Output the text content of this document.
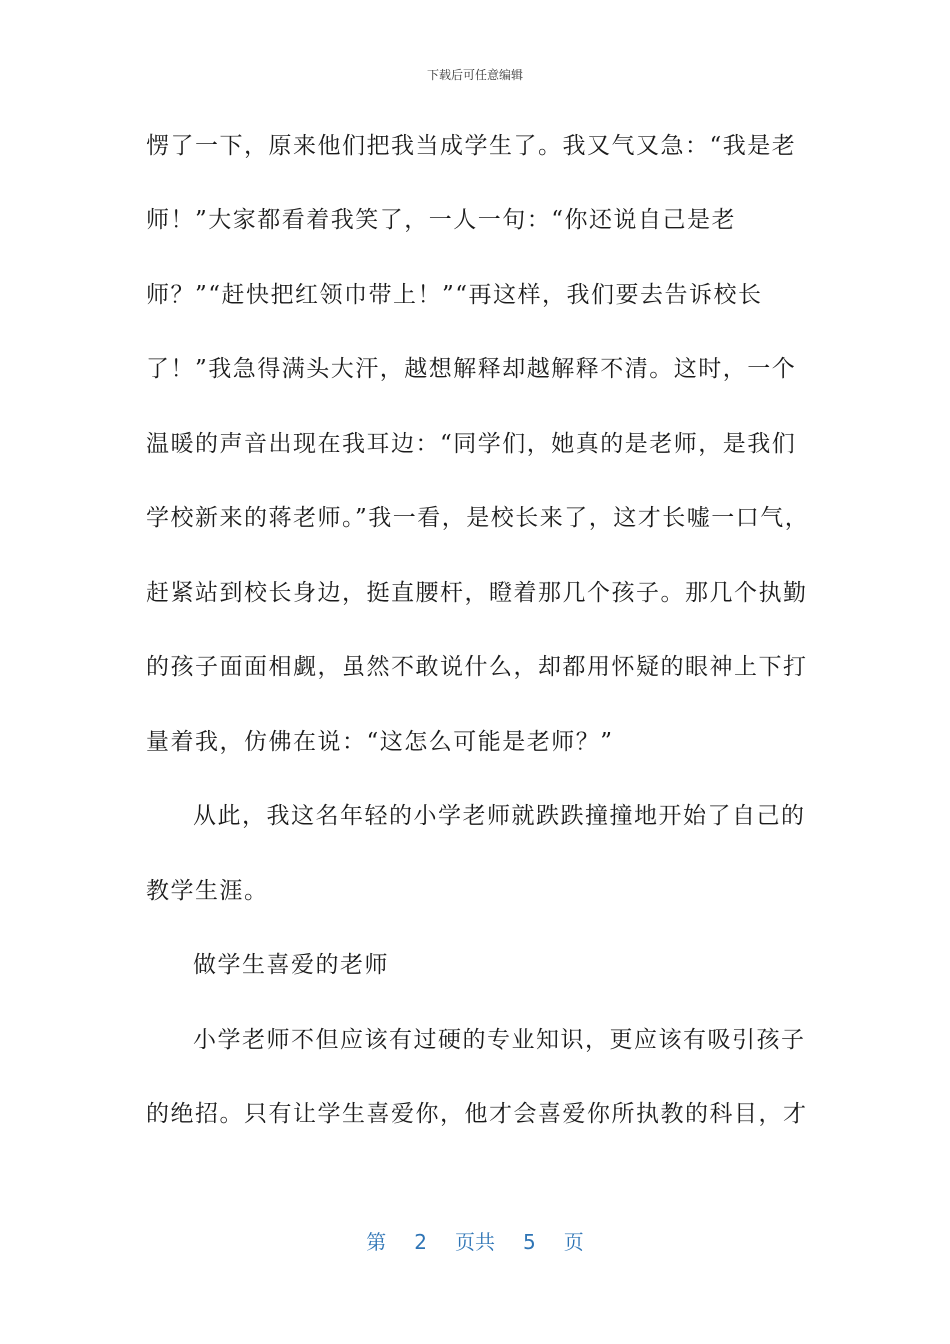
下载后可任意编辑
愣了一下，原来他们把我当成学生了。我又气又急：“我是老
师！”大家都看着我笑了，一人一句：“你还说自己是老
师？”“赶快把红领巾带上！”“再这样，我们要去告诉校长
了！”我急得满头大汗，越想解释却越解释不清。这时，一个
温暖的声音出现在我耳边：“同学们，她真的是老师，是我们
学校新来的蒋老师。”我一看，是校长来了，这才长嘘一口气，
赶紧站到校长身边，挺直腰杆，瞪着那几个孩子。那几个执勤
的孩子面面相觑，虽然不敢说什么，却都用怀疑的眼神上下打
量着我，仿佛在说：“这怎么可能是老师？”
从此，我这名年轻的小学老师就跌跌撞撞地开始了自己的
教学生涯。
做学生喜爱的老师
小学老师不但应该有过硬的专业知识，更应该有吸引孩子
的绝招。只有让学生喜爱你，他才会喜爱你所执教的科目，才
第 2 页共 5 页
